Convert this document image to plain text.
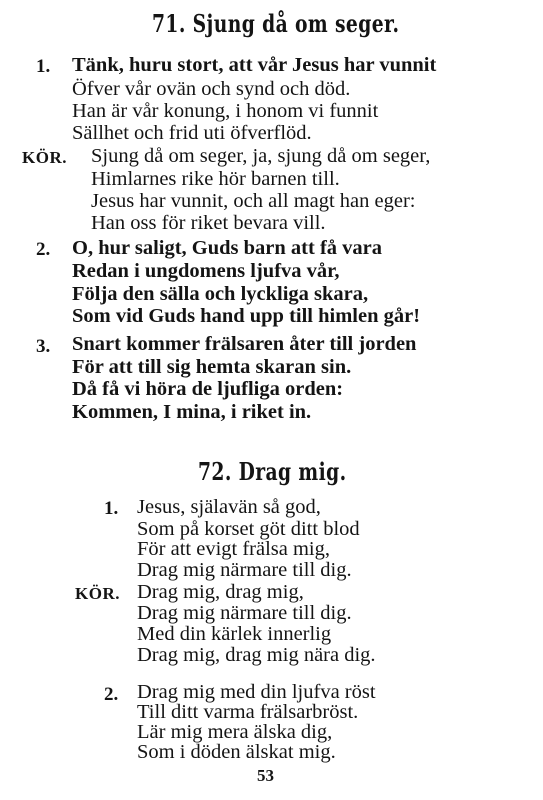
71. Sjung då om seger.
1. Tänk, huru stort, att vår Jesus har vunnit
Öfver vår ovän och synd och död.
Han är vår konung, i honom vi funnit
Sällhet och frid uti öfverflöd.
KÖR. Sjung då om seger, ja, sjung då om seger,
Himlarnes rike hör barnen till.
Jesus har vunnit, och all magt han eger:
Han oss för riket bevara vill.
2. O, hur saligt, Guds barn att få vara
Redan i ungdomens ljufva vår,
Följa den sälla och lyckliga skara,
Som vid Guds hand upp till himlen går!
3. Snart kommer frälsaren åter till jorden
För att till sig hemta skaran sin.
Då få vi höra de ljufliga orden:
Kommen, I mina, i riket in.
72. Drag mig.
1. Jesus, själavän så god,
Som på korset göt ditt blod
För att evigt frälsa mig,
Drag mig närmare till dig.
KÖR. Drag mig, drag mig,
Drag mig närmare till dig.
Med din kärlek innerlig
Drag mig, drag mig nära dig.
2. Drag mig med din ljufva röst
Till ditt varma frälsarbröst.
Lär mig mera älska dig,
Som i döden älskat mig.
53
